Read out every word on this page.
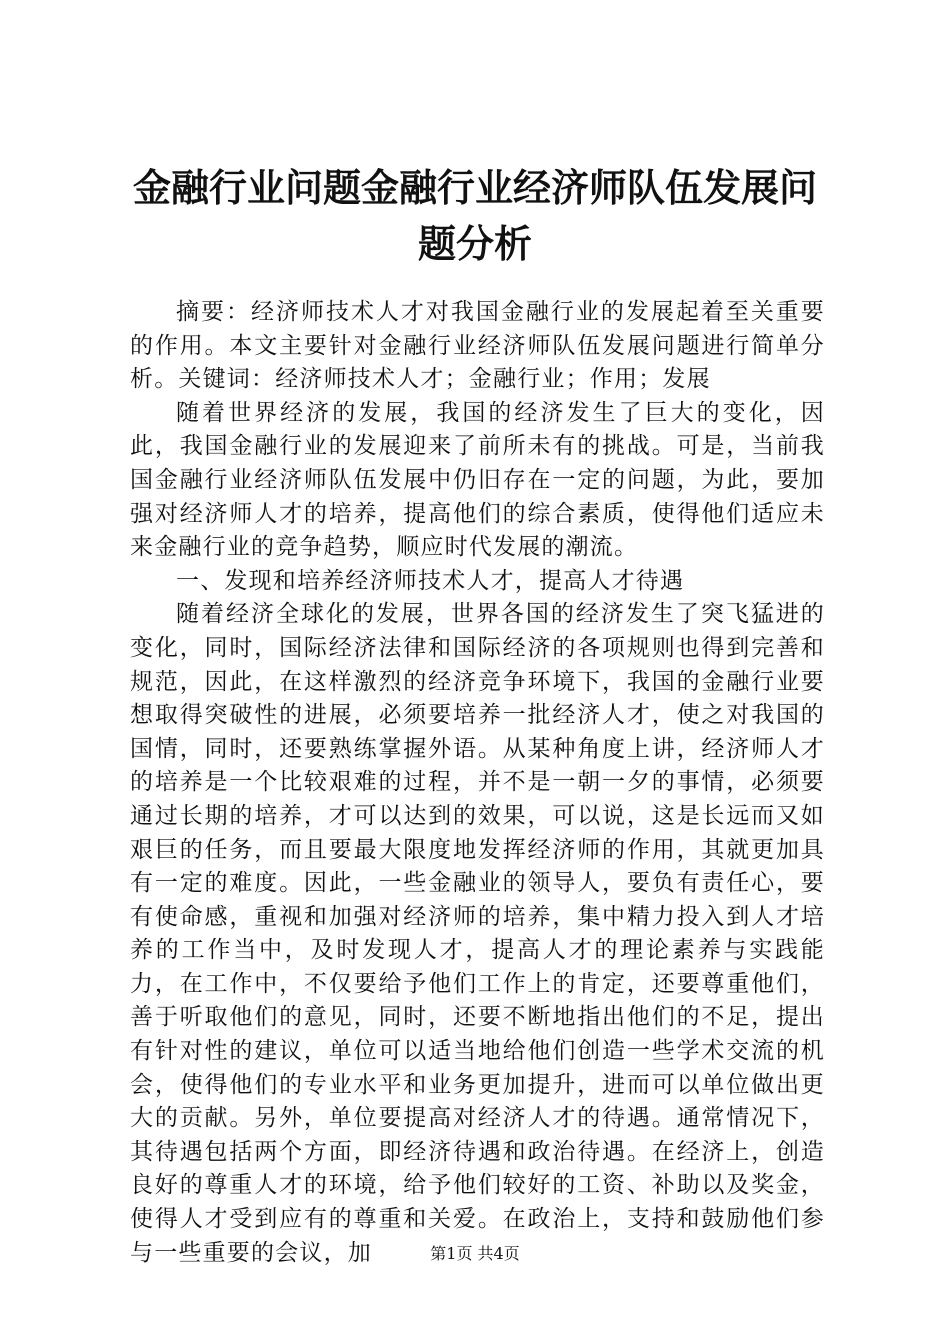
金融行业问题金融行业经济师队伍发展问题分析

摘要：经济师技术人才对我国金融行业的发展起着至关重要的作用。本文主要针对金融行业经济师队伍发展问题进行简单分析。关键词：经济师技术人才；金融行业；作用；发展

随着世界经济的发展，我国的经济发生了巨大的变化，因此，我国金融行业的发展迎来了前所未有的挑战。可是，当前我国金融行业经济师队伍发展中仍旧存在一定的问题，为此，要加强对经济师人才的培养，提高他们的综合素质，使得他们适应未来金融行业的竞争趋势，顺应时代发展的潮流。

一、发现和培养经济师技术人才，提高人才待遇

随着经济全球化的发展，世界各国的经济发生了突飞猛进的变化，同时，国际经济法律和国际经济的各项规则也得到完善和规范，因此，在这样激烈的经济竞争环境下，我国的金融行业要想取得突破性的进展，必须要培养一批经济人才，使之对我国的国情，同时，还要熟练掌握外语。从某种角度上讲，经济师人才的培养是一个比较艰难的过程，并不是一朝一夕的事情，必须要通过长期的培养，才可以达到的效果，可以说，这是长远而又如艰巨的任务，而且要最大限度地发挥经济师的作用，其就更加具有一定的难度。因此，一些金融业的领导人，要负有责任心，要有使命感，重视和加强对经济师的培养，集中精力投入到人才培养的工作当中，及时发现人才，提高人才的理论素养与实践能力，在工作中，不仅要给予他们工作上的肯定，还要尊重他们，善于听取他们的意见，同时，还要不断地指出他们的不足，提出有针对性的建议，单位可以适当地给他们创造一些学术交流的机会，使得他们的专业水平和业务更加提升，进而可以单位做出更大的贡献。另外，单位要提高对经济人才的待遇。通常情况下，其待遇包括两个方面，即经济待遇和政治待遇。在经济上，创造良好的尊重人才的环境，给予他们较好的工资、补助以及奖金，使得人才受到应有的尊重和关爱。在政治上，支持和鼓励他们参与一些重要的会议，加	第1页 共4页
